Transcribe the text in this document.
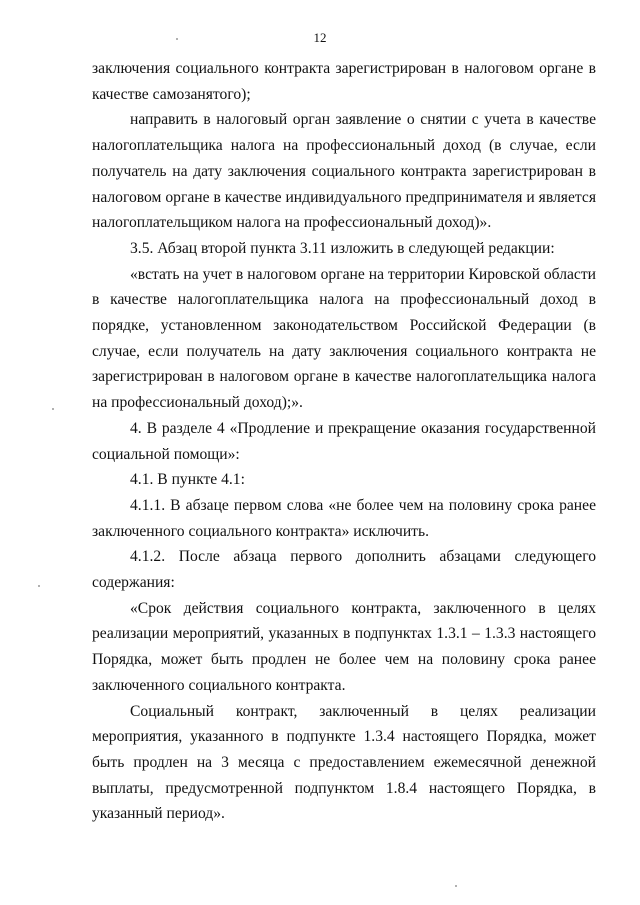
12

заключения социального контракта зарегистрирован в налоговом органе в качестве самозанятого);

направить в налоговый орган заявление о снятии с учета в качестве налогоплательщика налога на профессиональный доход (в случае, если получатель на дату заключения социального контракта зарегистрирован в налоговом органе в качестве индивидуального предпринимателя и является налогоплательщиком налога на профессиональный доход)».

3.5. Абзац второй пункта 3.11 изложить в следующей редакции:

«встать на учет в налоговом органе на территории Кировской области в качестве налогоплательщика налога на профессиональный доход в порядке, установленном законодательством Российской Федерации (в случае, если получатель на дату заключения социального контракта не зарегистрирован в налоговом органе в качестве налогоплательщика налога на профессиональный доход);».

4. В разделе 4 «Продление и прекращение оказания государственной социальной помощи»:

4.1. В пункте 4.1:

4.1.1. В абзаце первом слова «не более чем на половину срока ранее заключенного социального контракта» исключить.

4.1.2. После абзаца первого дополнить абзацами следующего содержания:

«Срок действия социального контракта, заключенного в целях реализации мероприятий, указанных в подпунктах 1.3.1 – 1.3.3 настоящего Порядка, может быть продлен не более чем на половину срока ранее заключенного социального контракта.

Социальный контракт, заключенный в целях реализации мероприятия, указанного в подпункте 1.3.4 настоящего Порядка, может быть продлен на 3 месяца с предоставлением ежемесячной денежной выплаты, предусмотренной подпунктом 1.8.4 настоящего Порядка, в указанный период».
